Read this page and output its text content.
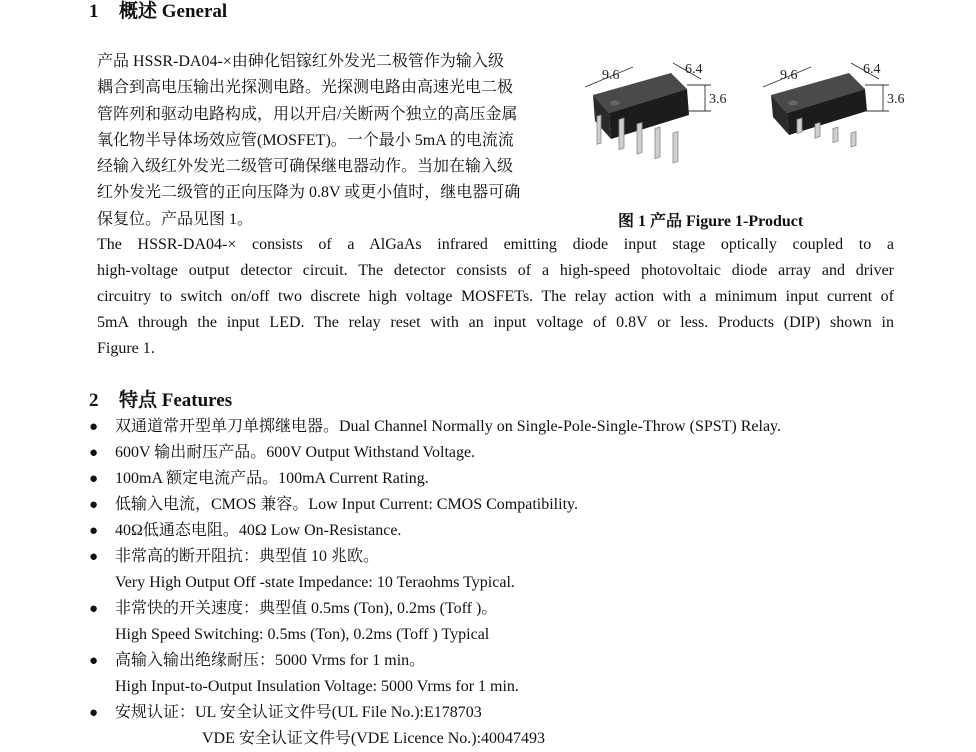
1 概述 General
产品 HSSR-DA04-×由砷化铝镓红外发光二极管作为输入级
耦合到高电压输出光探测电路。光探测电路由高速光电二极
管阵列和驱动电路构成，用以开启/关断两个独立的高压金属
氧化物半导体场效应管(MOSFET)。一个最小 5mA 的电流流
经输入级红外发光二级管可确保继电器动作。当加在输入级
红外发光二级管的正向压降为 0.8V 或更小值时，继电器可确
保复位。产品见图 1。
9.6	6.4
3.6
9.6	6.4
3.6
图 1 产品 Figure 1-Product
The HSSR-DA04-× consists of a AlGaAs infrared emitting diode input stage optically coupled to a
high-voltage output detector circuit. The detector consists of a high-speed photovoltaic diode array and driver
circuitry to switch on/off two discrete high voltage MOSFETs. The relay action with a minimum input current of
5mA through the input LED. The relay reset with an input voltage of 0.8V or less. Products (DIP) shown in
Figure 1.
2 特点 Features
●	双通道常开型单刀单掷继电器。Dual Channel Normally on Single-Pole-Single-Throw (SPST) Relay.
●	600V 输出耐压产品。600V Output Withstand Voltage.
●	100mA 额定电流产品。100mA Current Rating.
●	低输入电流，CMOS 兼容。Low Input Current: CMOS Compatibility.
●	40Ω低通态电阻。40Ω Low On-Resistance.
●	非常高的断开阻抗：典型值 10 兆欧。
Very High Output Off -state Impedance: 10 Teraohms Typical.
●	非常快的开关速度：典型值 0.5ms (Ton), 0.2ms (Toff )。
High Speed Switching: 0.5ms (Ton), 0.2ms (Toff ) Typical
●	高输入输出绝缘耐压：5000 Vrms for 1 min。
High Input-to-Output Insulation Voltage: 5000 Vrms for 1 min.
●	安规认证：UL 安全认证文件号(UL File No.):E178703
VDE 安全认证文件号(VDE Licence No.):40047493
